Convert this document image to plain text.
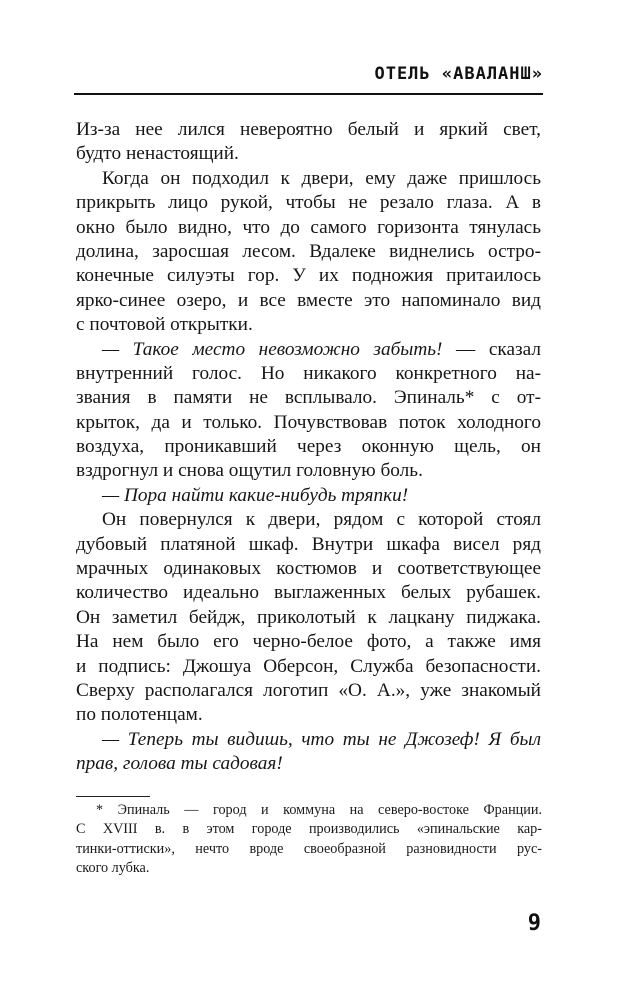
ОТЕЛЬ «АВАЛАНШ»
Из-за нее лился невероятно белый и яркий свет,
будто ненастоящий.
Когда он подходил к двери, ему даже пришлось
прикрыть лицо рукой, чтобы не резало глаза. А в
окно было видно, что до самого горизонта тянулась
долина, заросшая лесом. Вдалеке виднелись остро-
конечные силуэты гор. У их подножия притаилось
ярко-синее озеро, и все вместе это напоминало вид
с почтовой открытки.
— Такое место невозможно забыть! — сказал
внутренний голос. Но никакого конкретного на-
звания в памяти не всплывало. Эпиналь* с от-
крыток, да и только. Почувствовав поток холодного
воздуха, проникавший через оконную щель, он
вздрогнул и снова ощутил головную боль.
— Пора найти какие-нибудь тряпки!
Он повернулся к двери, рядом с которой стоял
дубовый платяной шкаф. Внутри шкафа висел ряд
мрачных одинаковых костюмов и соответствующее
количество идеально выглаженных белых рубашек.
Он заметил бейдж, приколотый к лацкану пиджака.
На нем было его черно-белое фото, а также имя
и подпись: Джошуа Оберсон, Служба безопасности.
Сверху располагался логотип «О. А.», уже знакомый
по полотенцам.
— Теперь ты видишь, что ты не Джозеф! Я был
прав, голова ты садовая!
* Эпиналь — город и коммуна на северо-востоке Франции.
С XVIII в. в этом городе производились «эпинальские кар-
тинки-оттиски», нечто вроде своеобразной разновидности рус-
ского лубка.
9
